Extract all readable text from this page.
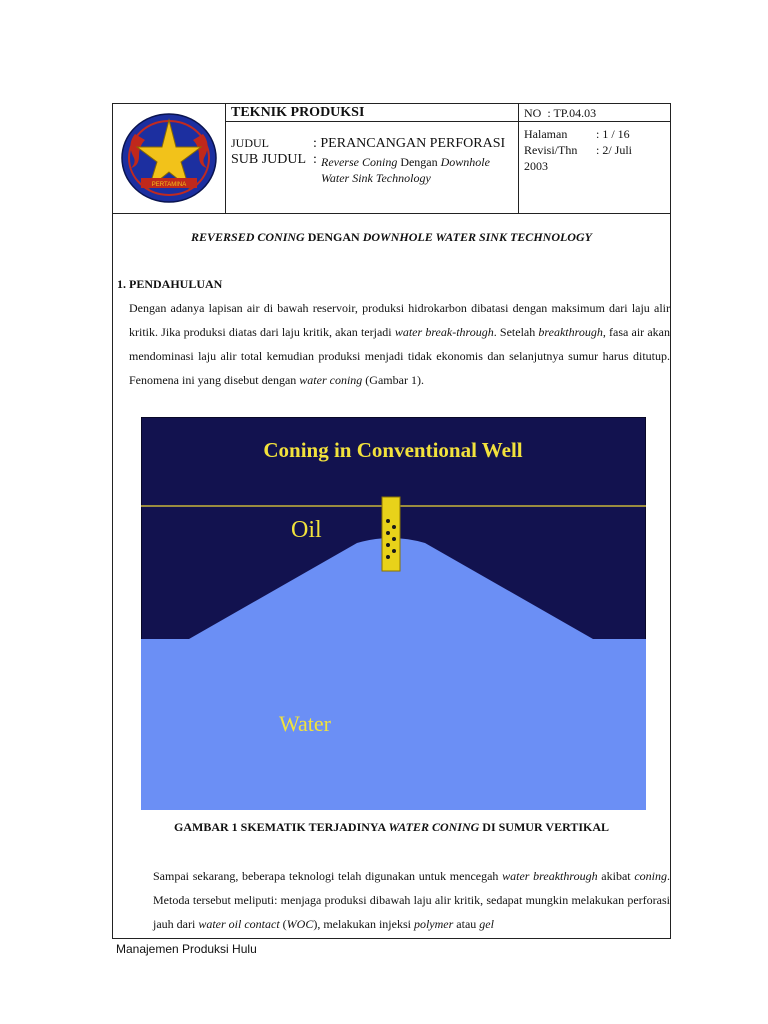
PERTAMINA
TEKNIK PRODUKSI
JUDUL	: PERANCANGAN PERFORASI
SUB JUDUL : Reverse Coning Dengan Downhole Water Sink Technology
NO : TP.04.03
Halaman	: 1 / 16
Revisi/Thn	: 2/ Juli
2003
REVERSED CONING DENGAN DOWNHOLE WATER SINK TECHNOLOGY
1. PENDAHULUAN
Dengan adanya lapisan air di bawah reservoir, produksi hidrokarbon dibatasi dengan maksimum dari laju alir kritik. Jika produksi diatas dari laju kritik, akan terjadi water break-through. Setelah breakthrough, fasa air akan mendominasi laju alir total kemudian produksi menjadi tidak ekonomis dan selanjutnya sumur harus ditutup. Fenomena ini yang disebut dengan water coning (Gambar 1).
Coning in Conventional Well
Oil
Water
GAMBAR 1 SKEMATIK TERJADINYA WATER CONING DI SUMUR VERTIKAL
Sampai sekarang, beberapa teknologi telah digunakan untuk mencegah water breakthrough akibat coning. Metoda tersebut meliputi: menjaga produksi dibawah laju alir kritik, sedapat mungkin melakukan perforasi jauh dari water oil contact (WOC), melakukan injeksi polymer atau gel
Manajemen Produksi Hulu
